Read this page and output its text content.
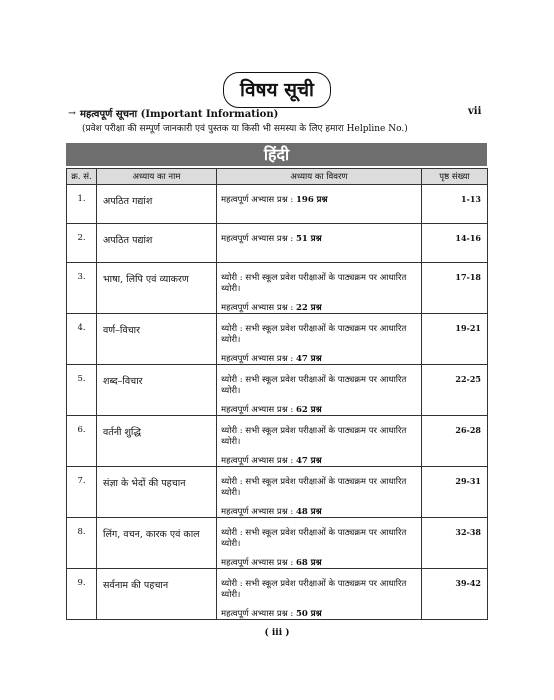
विषय सूची
vii
→ महत्वपूर्ण सूचना (Important Information)
(प्रवेश परीक्षा की सम्पूर्ण जानकारी एवं पुस्तक या किसी भी समस्या के लिए हमारा Helpline No.)
हिंदी
क्र. सं.	अध्याय का नाम	अध्याय का विवरण	पृष्ठ संख्या
1.	अपठित गद्यांश	महत्वपूर्ण अभ्यास प्रश्न : 196 प्रश्न	1-13
2.	अपठित पद्यांश	महत्वपूर्ण अभ्यास प्रश्न : 51 प्रश्न	14-16
3.	भाषा, लिपि एवं व्याकरण	थ्योरी : सभी स्कूल प्रवेश परीक्षाओं के पाठ्यक्रम पर आधारित थ्योरी।
महत्वपूर्ण अभ्यास प्रश्न : 22 प्रश्न	17-18
4.	वर्ण–विचार	थ्योरी : सभी स्कूल प्रवेश परीक्षाओं के पाठ्यक्रम पर आधारित थ्योरी।
महत्वपूर्ण अभ्यास प्रश्न : 47 प्रश्न	19-21
5.	शब्द–विचार	थ्योरी : सभी स्कूल प्रवेश परीक्षाओं के पाठ्यक्रम पर आधारित थ्योरी।
महत्वपूर्ण अभ्यास प्रश्न : 62 प्रश्न	22-25
6.	वर्तनी शुद्धि	थ्योरी : सभी स्कूल प्रवेश परीक्षाओं के पाठ्यक्रम पर आधारित थ्योरी।
महत्वपूर्ण अभ्यास प्रश्न : 47 प्रश्न	26-28
7.	संज्ञा के भेदों की पहचान	थ्योरी : सभी स्कूल प्रवेश परीक्षाओं के पाठ्यक्रम पर आधारित थ्योरी।
महत्वपूर्ण अभ्यास प्रश्न : 48 प्रश्न	29-31
8.	लिंग, वचन, कारक एवं काल	थ्योरी : सभी स्कूल प्रवेश परीक्षाओं के पाठ्यक्रम पर आधारित थ्योरी।
महत्वपूर्ण अभ्यास प्रश्न : 68 प्रश्न	32-38
9.	सर्वनाम की पहचान	थ्योरी : सभी स्कूल प्रवेश परीक्षाओं के पाठ्यक्रम पर आधारित थ्योरी।
महत्वपूर्ण अभ्यास प्रश्न : 50 प्रश्न	39-42
( iii )
